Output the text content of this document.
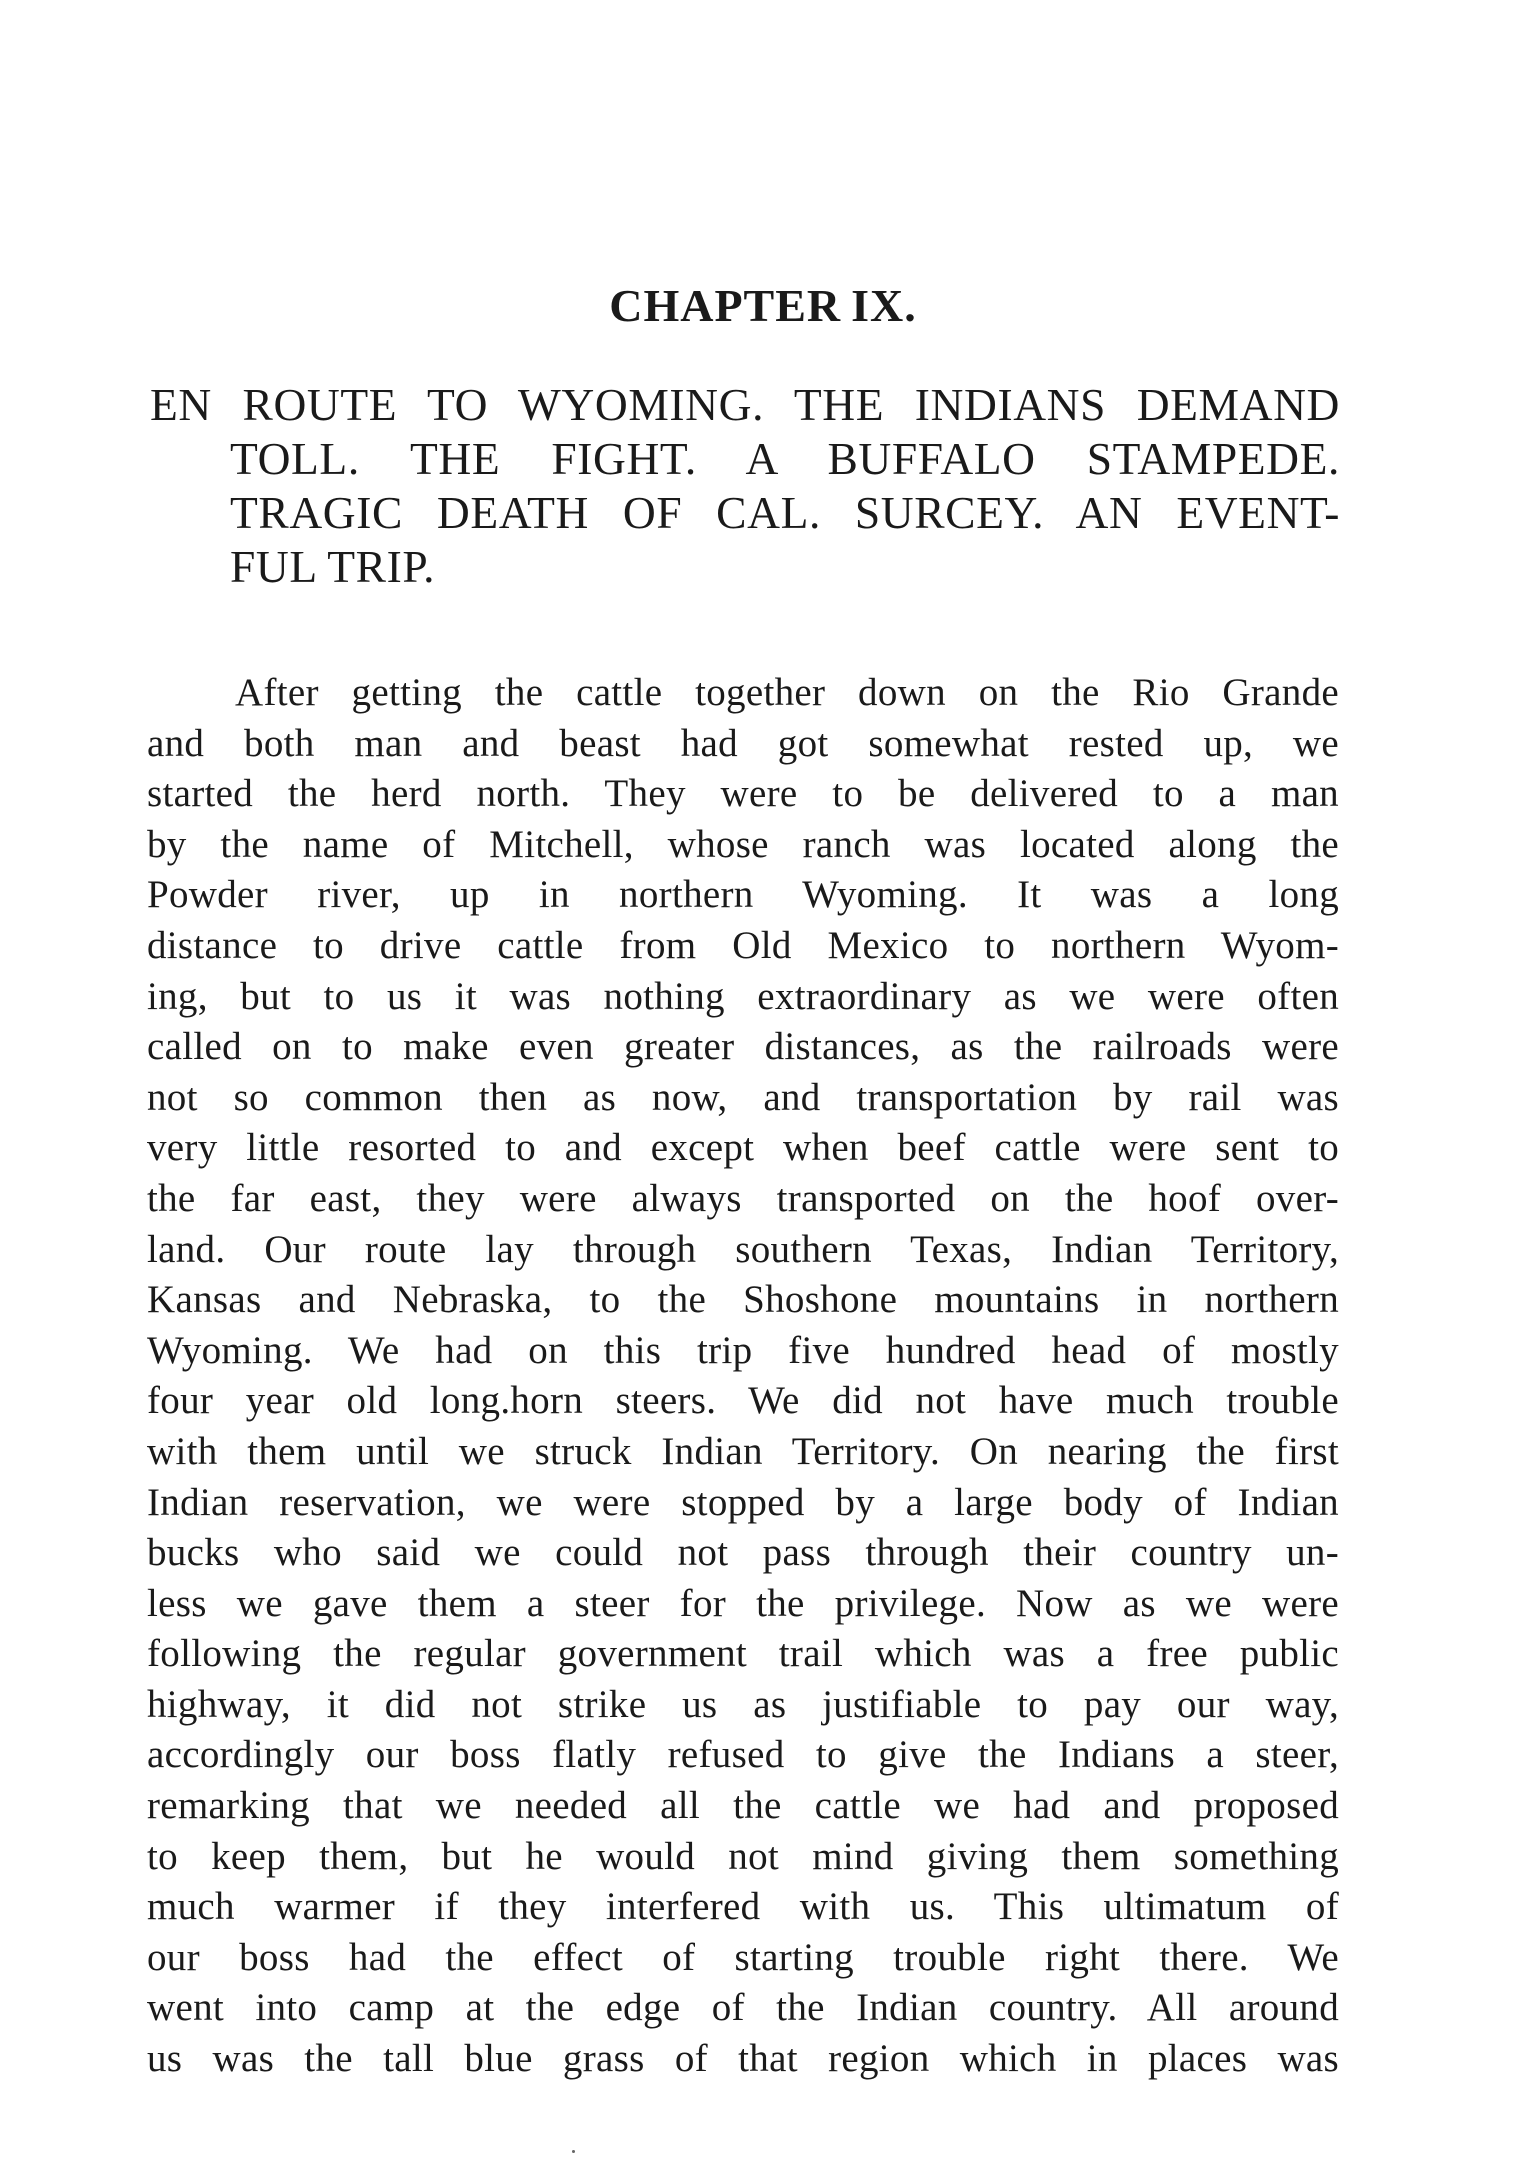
CHAPTER IX.
EN ROUTE TO WYOMING. THE INDIANS DEMAND
TOLL. THE FIGHT. A BUFFALO STAMPEDE.
TRAGIC DEATH OF CAL. SURCEY. AN EVENT-
FUL TRIP.
After getting the cattle together down on the Rio Grande
and both man and beast had got somewhat rested up, we
started the herd north. They were to be delivered to a man
by the name of Mitchell, whose ranch was located along the
Powder river, up in northern Wyoming. It was a long
distance to drive cattle from Old Mexico to northern Wyom-
ing, but to us it was nothing extraordinary as we were often
called on to make even greater distances, as the railroads were
not so common then as now, and transportation by rail was
very little resorted to and except when beef cattle were sent to
the far east, they were always transported on the hoof over-
land. Our route lay through southern Texas, Indian Territory,
Kansas and Nebraska, to the Shoshone mountains in northern
Wyoming. We had on this trip five hundred head of mostly
four year old long.horn steers. We did not have much trouble
with them until we struck Indian Territory. On nearing the first
Indian reservation, we were stopped by a large body of Indian
bucks who said we could not pass through their country un-
less we gave them a steer for the privilege. Now as we were
following the regular government trail which was a free public
highway, it did not strike us as justifiable to pay our way,
accordingly our boss flatly refused to give the Indians a steer,
remarking that we needed all the cattle we had and proposed
to keep them, but he would not mind giving them something
much warmer if they interfered with us. This ultimatum of
our boss had the effect of starting trouble right there. We
went into camp at the edge of the Indian country. All around
us was the tall blue grass of that region which in places was
